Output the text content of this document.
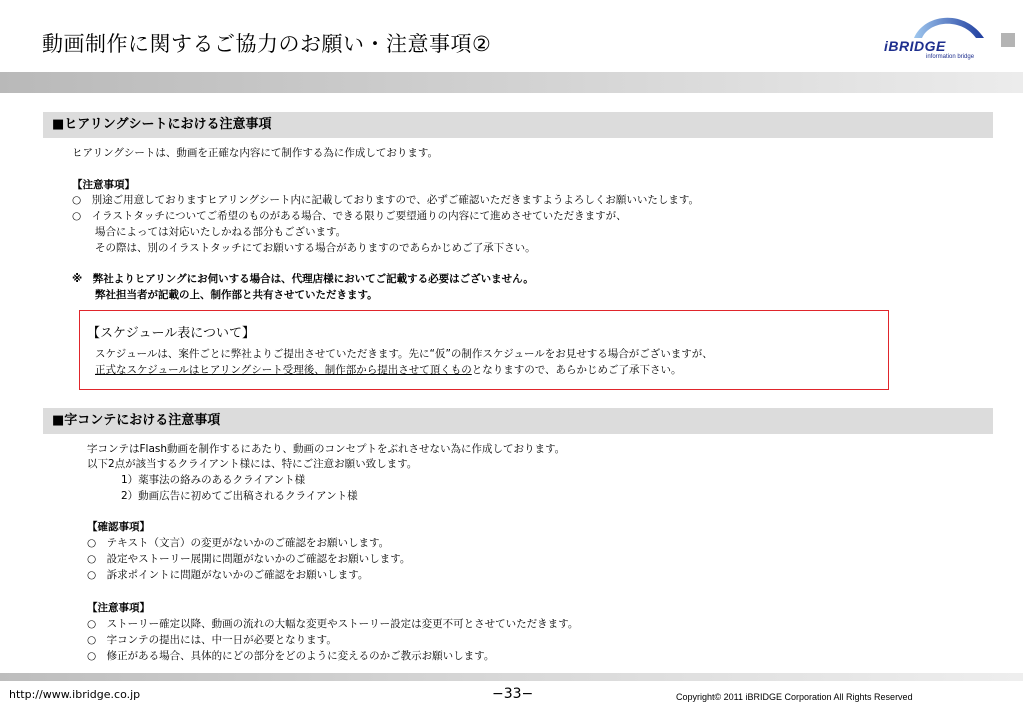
動画制作に関するご協力のお願い・注意事項②	iBRIDGE
information bridge
■ヒアリングシートにおける注意事項
ヒアリングシートは、動画を正確な内容にて制作する為に作成しております。
【注意事項】
○　別途ご用意しておりますヒアリングシート内に記載しておりますので、必ずご確認いただきますようよろしくお願いいたします。
○　イラストタッチについてご希望のものがある場合、できる限りご要望通りの内容にて進めさせていただきますが、
場合によっては対応いたしかねる部分もございます。
その際は、別のイラストタッチにてお願いする場合がありますのであらかじめご了承下さい。
※　弊社よりヒアリングにお伺いする場合は、代理店様においてご記載する必要はございません。
弊社担当者が記載の上、制作部と共有させていただきます。
【スケジュール表について】
スケジュールは、案件ごとに弊社よりご提出させていただきます。先に“仮”の制作スケジュールをお見せする場合がございますが、
正式なスケジュールはヒアリングシート受理後、制作部から提出させて頂くものとなりますので、あらかじめご了承下さい。
■字コンテにおける注意事項
字コンテはFlash動画を制作するにあたり、動画のコンセプトをぶれさせない為に作成しております。
以下2点が該当するクライアント様には、特にご注意お願い致します。
1）薬事法の絡みのあるクライアント様
2）動画広告に初めてご出稿されるクライアント様
【確認事項】
○　テキスト（文言）の変更がないかのご確認をお願いします。
○　設定やストーリー展開に問題がないかのご確認をお願いします。
○　訴求ポイントに問題がないかのご確認をお願いします。
【注意事項】
○　ストーリー確定以降、動画の流れの大幅な変更やストーリー設定は変更不可とさせていただきます。
○　字コンテの提出には、中一日が必要となります。
○　修正がある場合、具体的にどの部分をどのように変えるのかご教示お願いします。
http://www.ibridge.co.jp	−33−	Copyright© 2011 iBRIDGE Corporation All Rights Reserved
